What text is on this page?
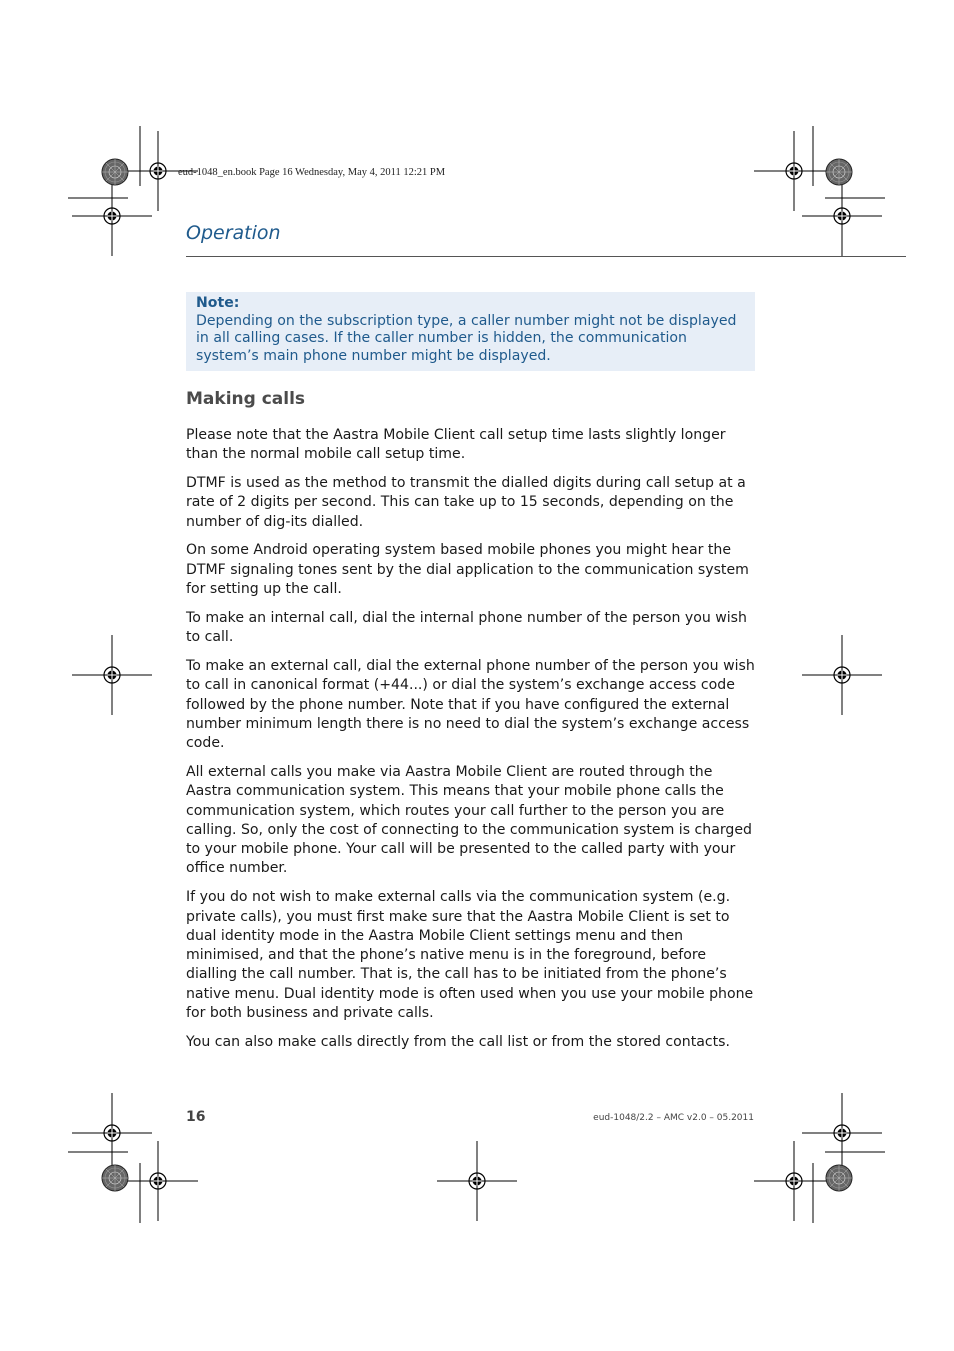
eud-1048_en.book Page 16 Wednesday, May 4, 2011 12:21 PM
Operation
Note:
Depending on the subscription type, a caller number might not be displayed in all calling cases. If the caller number is hidden, the communication system’s main phone number might be displayed.
Making calls

Please note that the Aastra Mobile Client call setup time lasts slightly longer than the normal mobile call setup time.

DTMF is used as the method to transmit the dialled digits during call setup at a rate of 2 digits per second. This can take up to 15 seconds, depending on the number of dig-its dialled.

On some Android operating system based mobile phones you might hear the DTMF signaling tones sent by the dial application to the communication system for setting up the call.

To make an internal call, dial the internal phone number of the person you wish to call.

To make an external call, dial the external phone number of the person you wish to call in canonical format (+44...) or dial the system’s exchange access code followed by the phone number. Note that if you have configured the external number minimum length there is no need to dial the system’s exchange access code.

All external calls you make via Aastra Mobile Client are routed through the Aastra communication system. This means that your mobile phone calls the communication system, which routes your call further to the person you are calling. So, only the cost of connecting to the communication system is charged to your mobile phone. Your call will be presented to the called party with your office number.

If you do not wish to make external calls via the communication system (e.g. private calls), you must first make sure that the Aastra Mobile Client is set to dual identity mode in the Aastra Mobile Client settings menu and then minimised, and that the phone’s native menu is in the foreground, before dialling the call number. That is, the call has to be initiated from the phone’s native menu. Dual identity mode is often used when you use your mobile phone for both business and private calls.

You can also make calls directly from the call list or from the stored contacts.

16	eud-1048/2.2 – AMC v2.0 – 05.2011
